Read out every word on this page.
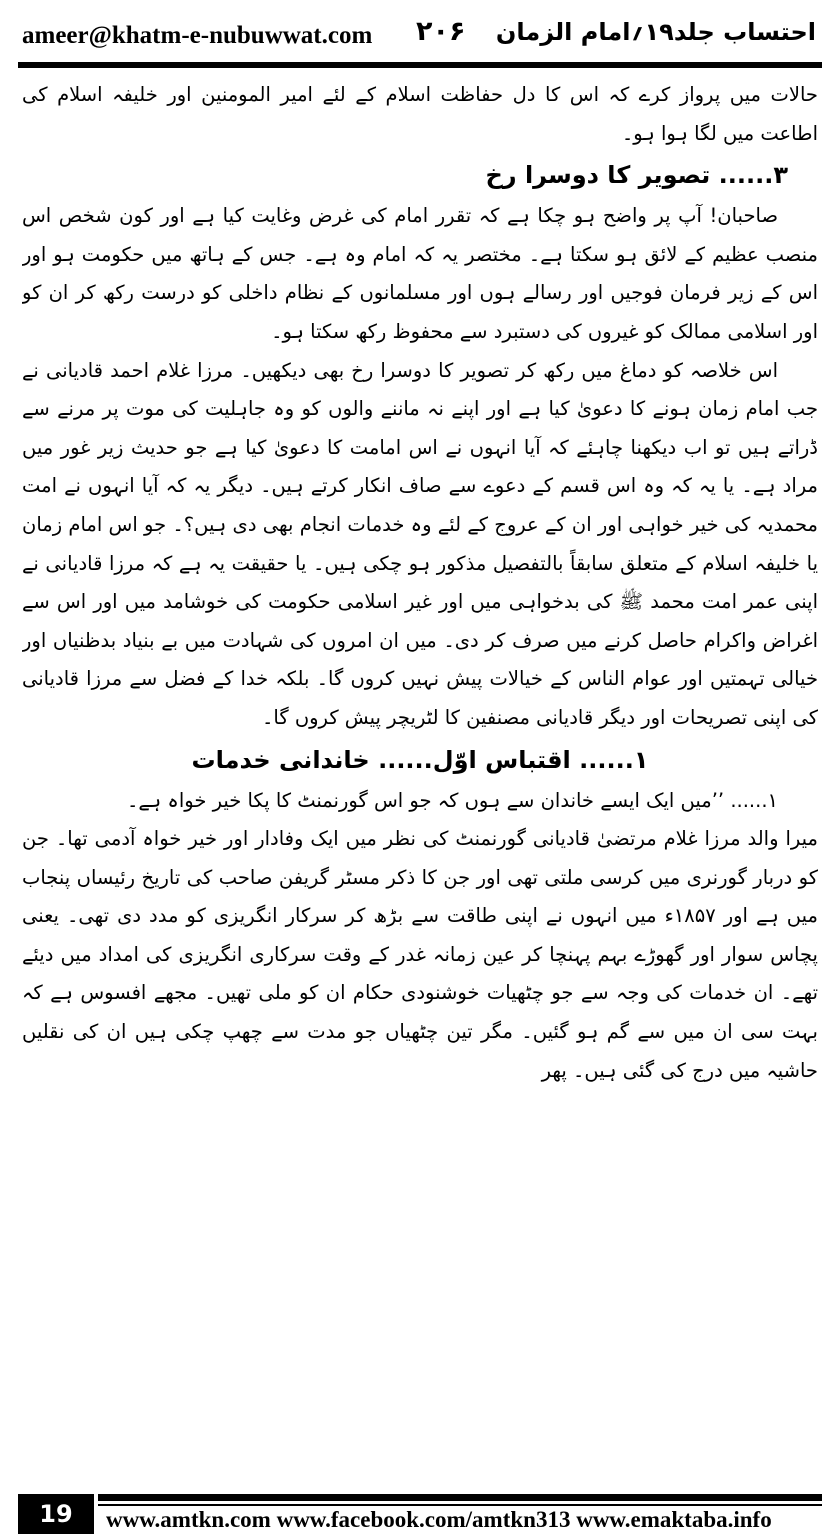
ameer@khatm-e-nubuwwat.com ۲۰۶ احتساب جلد۱۹؍امام الزمان

حالات میں پرواز کرے کہ اس کا دل حفاظت اسلام کے لئے امیر المومنین اور خلیفہ اسلام کی اطاعت میں لگا ہوا ہو۔

۳...... تصویر کا دوسرا رخ

صاحبان! آپ پر واضح ہو چکا ہے کہ تقرر امام کی غرض وغایت کیا ہے اور کون شخص اس منصب عظیم کے لائق ہو سکتا ہے۔ مختصر یہ کہ امام وہ ہے۔ جس کے ہاتھ میں حکومت ہو اور اس کے زیر فرمان فوجیں اور رسالے ہوں اور مسلمانوں کے نظام داخلی کو درست رکھ کر ان کو اور اسلامی ممالک کو غیروں کی دستبرد سے محفوظ رکھ سکتا ہو۔

اس خلاصہ کو دماغ میں رکھ کر تصویر کا دوسرا رخ بھی دیکھیں۔ مرزا غلام احمد قادیانی نے جب امام زمان ہونے کا دعویٰ کیا ہے اور اپنے نہ ماننے والوں کو وہ جاہلیت کی موت پر مرنے سے ڈراتے ہیں تو اب دیکھنا چاہئے کہ آیا انہوں نے اس امامت کا دعویٰ کیا ہے جو حدیث زیر غور میں مراد ہے۔ یا یہ کہ وہ اس قسم کے دعوے سے صاف انکار کرتے ہیں۔ دیگر یہ کہ آیا انہوں نے امت محمدیہ کی خیر خواہی اور ان کے عروج کے لئے وہ خدمات انجام بھی دی ہیں؟۔ جو اس امام زمان یا خلیفہ اسلام کے متعلق سابقاً بالتفصیل مذکور ہو چکی ہیں۔ یا حقیقت یہ ہے کہ مرزا قادیانی نے اپنی عمر امت محمد ﷺ کی بدخواہی میں اور غیر اسلامی حکومت کی خوشامد میں اور اس سے اغراض واکرام حاصل کرنے میں صرف کر دی۔ میں ان امروں کی شہادت میں بے بنیاد بدظنیاں اور خیالی تہمتیں اور عوام الناس کے خیالات پیش نہیں کروں گا۔ بلکہ خدا کے فضل سے مرزا قادیانی کی اپنی تصریحات اور دیگر قادیانی مصنفین کا لٹریچر پیش کروں گا۔

۱...... اقتباس اوّل...... خاندانی خدمات

۱...... ’’میں ایک ایسے خاندان سے ہوں کہ جو اس گورنمنٹ کا پکا خیر خواہ ہے۔

میرا والد مرزا غلام مرتضیٰ قادیانی گورنمنٹ کی نظر میں ایک وفادار اور خیر خواہ آدمی تھا۔ جن کو دربار گورنری میں کرسی ملتی تھی اور جن کا ذکر مسٹر گریفن صاحب کی تاریخ رئیساں پنجاب میں ہے اور ۱۸۵۷ء میں انہوں نے اپنی طاقت سے بڑھ کر سرکار انگریزی کو مدد دی تھی۔ یعنی پچاس سوار اور گھوڑے بہم پہنچا کر عین زمانہ غدر کے وقت سرکاری انگریزی کی امداد میں دیئے تھے۔ ان خدمات کی وجہ سے جو چٹھیات خوشنودی حکام ان کو ملی تھیں۔ مجھے افسوس ہے کہ بہت سی ان میں سے گم ہو گئیں۔ مگر تین چٹھیاں جو مدت سے چھپ چکی ہیں ان کی نقلیں حاشیہ میں درج کی گئی ہیں۔ پھر

19	www.amtkn.com www.facebook.com/amtkn313 www.emaktaba.info
